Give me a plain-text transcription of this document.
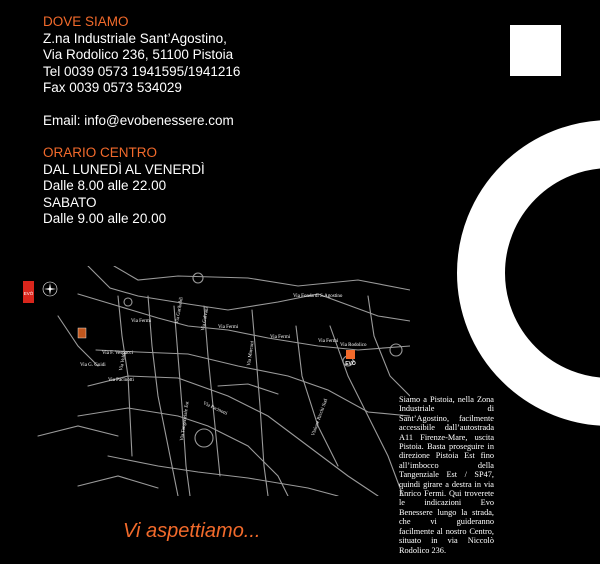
DOVE SIAMO
Z.na Industriale Sant’Agostino,
Via Rodolico 236, 51100 Pistoia
Tel 0039 0573 1941595/1941216
Fax 0039 0573 534029
Email: info@evobenessere.com
ORARIO CENTRO
DAL LUNEDÌ AL VENERDÌ
Dalle 8.00 alle 22.00
SABATO
Dalle 9.00 alle 20.00
EVÒ
Via Fonda di S.Agostino
Via Fermi	Via Garibaldi
Via Fermi
Via Galvani
Via Rodolico
Via Fermi
Via Pacinotti
Via Tangenziale Est Via Pacinotti
Via F. Vespucci
Via Volta	Via Marconi
Via Fermi
Vialone Ricchi Sud
Via G. Guidi	EVÒ
Siamo a Pistoia, nella Zona Industriale di Sant’Agostino, facilmente accessibile dall’autostrada A11 Firenze-Mare, uscita Pistoia. Basta proseguire in direzione Pistoia Est fino all’imbocco della Tangenziale Est / SP47, quindi girare a destra in via Enrico Fermi. Qui troverete le indicazioni Evo Benessere lungo la strada, che vi guideranno facilmente al nostro Centro, situato in via Niccolò Rodolico 236.
Vi aspettiamo...
